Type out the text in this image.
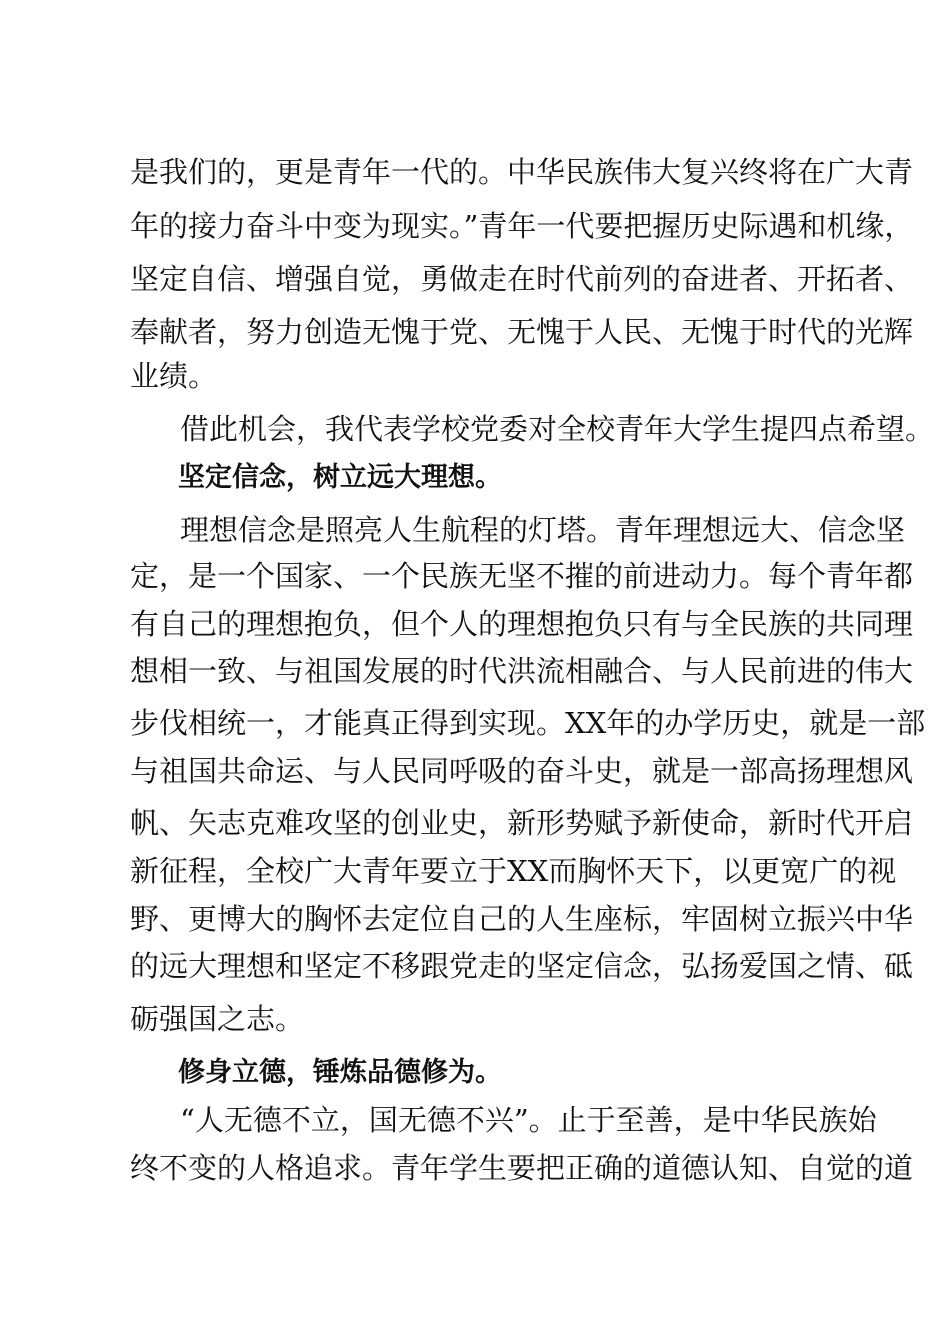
是我们的，更是青年一代的。中华民族伟大复兴终将在广大青
年的接力奋斗中变为现实。”青年一代要把握历史际遇和机缘，
坚定自信、增强自觉，勇做走在时代前列的奋进者、开拓者、
奉献者，努力创造无愧于党、无愧于人民、无愧于时代的光辉
业绩。
借此机会，我代表学校党委对全校青年大学生提四点希望。
坚定信念，树立远大理想。
理想信念是照亮人生航程的灯塔。青年理想远大、信念坚
定，是一个国家、一个民族无坚不摧的前进动力。每个青年都
有自己的理想抱负，但个人的理想抱负只有与全民族的共同理
想相一致、与祖国发展的时代洪流相融合、与人民前进的伟大
步伐相统一，才能真正得到实现。XX年的办学历史，就是一部
与祖国共命运、与人民同呼吸的奋斗史，就是一部高扬理想风
帆、矢志克难攻坚的创业史，新形势赋予新使命，新时代开启
新征程，全校广大青年要立于XX而胸怀天下，以更宽广的视
野、更博大的胸怀去定位自己的人生座标，牢固树立振兴中华
的远大理想和坚定不移跟党走的坚定信念，弘扬爱国之情、砥
砺强国之志。
修身立德，锤炼品德修为。
“人无德不立，国无德不兴”。止于至善，是中华民族始
终不变的人格追求。青年学生要把正确的道德认知、自觉的道
